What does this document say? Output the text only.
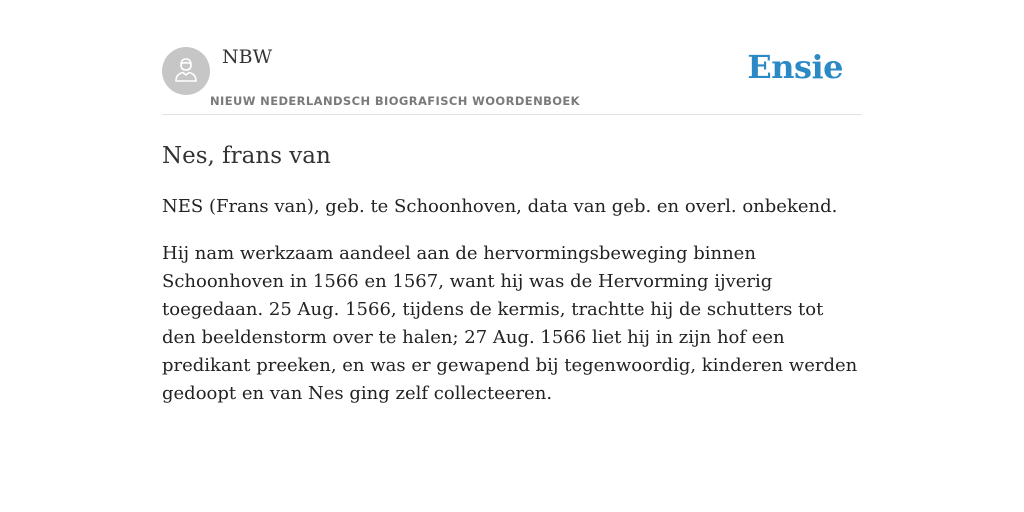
NBW
NIEUW NEDERLANDSCH BIOGRAFISCH WOORDENBOEK
Ensie
Nes, frans van

NES (Frans van), geb. te Schoonhoven, data van geb. en overl. onbekend.

Hij nam werkzaam aandeel aan de hervormingsbeweging binnen Schoonhoven in 1566 en 1567, want hij was de Hervorming ijverig toegedaan. 25 Aug. 1566, tijdens de kermis, trachtte hij de schutters tot den beeldenstorm over te halen; 27 Aug. 1566 liet hij in zijn hof een predikant preeken, en was er gewapend bij tegenwoordig, kinderen werden gedoopt en van Nes ging zelf collecteeren.
